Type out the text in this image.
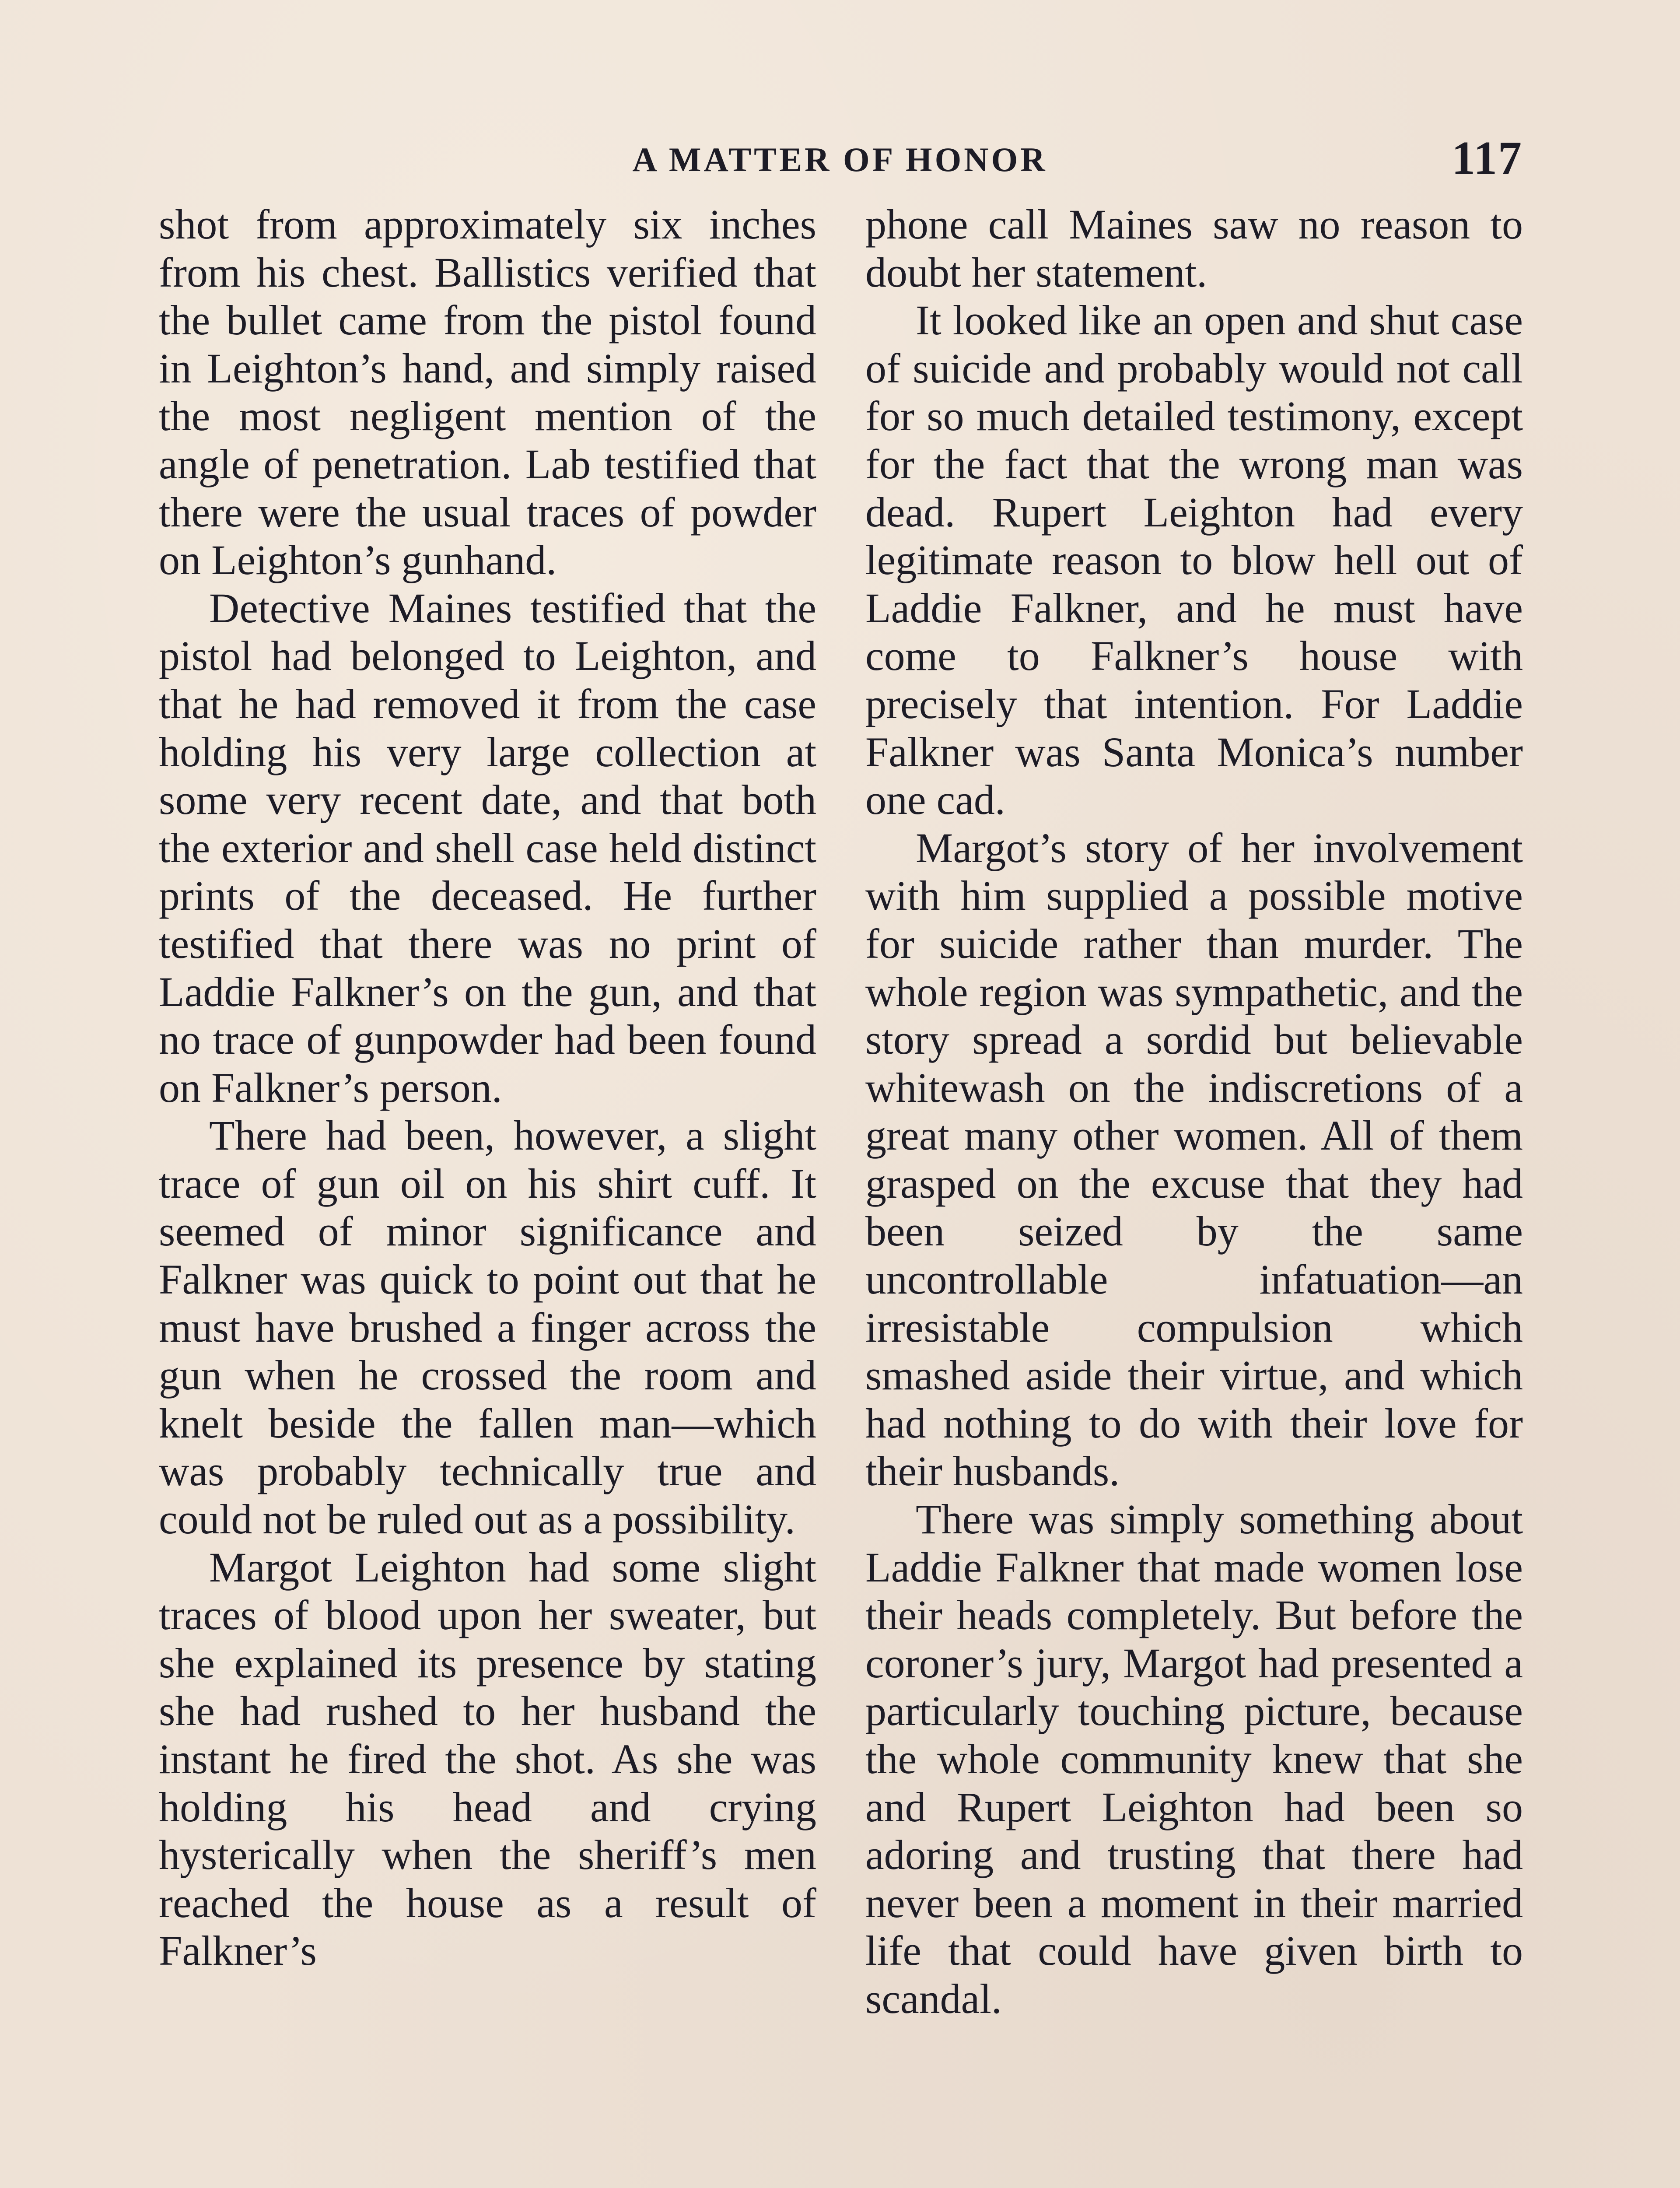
A MATTER OF HONOR	117

shot from approximately six inches from his chest. Ballistics verified that the bullet came from the pistol found in Leighton’s hand, and simply raised the most negligent mention of the angle of penetration. Lab testified that there were the usual traces of powder on Leighton’s gunhand.

Detective Maines testified that the pistol had belonged to Leighton, and that he had removed it from the case holding his very large collection at some very recent date, and that both the exterior and shell case held distinct prints of the deceased. He further testified that there was no print of Laddie Falkner’s on the gun, and that no trace of gunpowder had been found on Falkner’s person.

There had been, however, a slight trace of gun oil on his shirt cuff. It seemed of minor significance and Falkner was quick to point out that he must have brushed a finger across the gun when he crossed the room and knelt beside the fallen man—which was probably technically true and could not be ruled out as a possibility.

Margot Leighton had some slight traces of blood upon her sweater, but she explained its presence by stating she had rushed to her husband the instant he fired the shot. As she was holding his head and crying hysterically when the sheriff’s men reached the house as a result of Falkner’s

phone call Maines saw no reason to doubt her statement.

It looked like an open and shut case of suicide and probably would not call for so much detailed testimony, except for the fact that the wrong man was dead. Rupert Leighton had every legitimate reason to blow hell out of Laddie Falkner, and he must have come to Falkner’s house with precisely that intention. For Laddie Falkner was Santa Monica’s number one cad.

Margot’s story of her involvement with him supplied a possible motive for suicide rather than murder. The whole region was sympathetic, and the story spread a sordid but believable whitewash on the indiscretions of a great many other women. All of them grasped on the excuse that they had been seized by the same uncontrollable infatuation—an irresistable compulsion which smashed aside their virtue, and which had nothing to do with their love for their husbands.

There was simply something about Laddie Falkner that made women lose their heads completely. But before the coroner’s jury, Margot had presented a particularly touching picture, because the whole community knew that she and Rupert Leighton had been so adoring and trusting that there had never been a moment in their married life that could have given birth to scandal.
